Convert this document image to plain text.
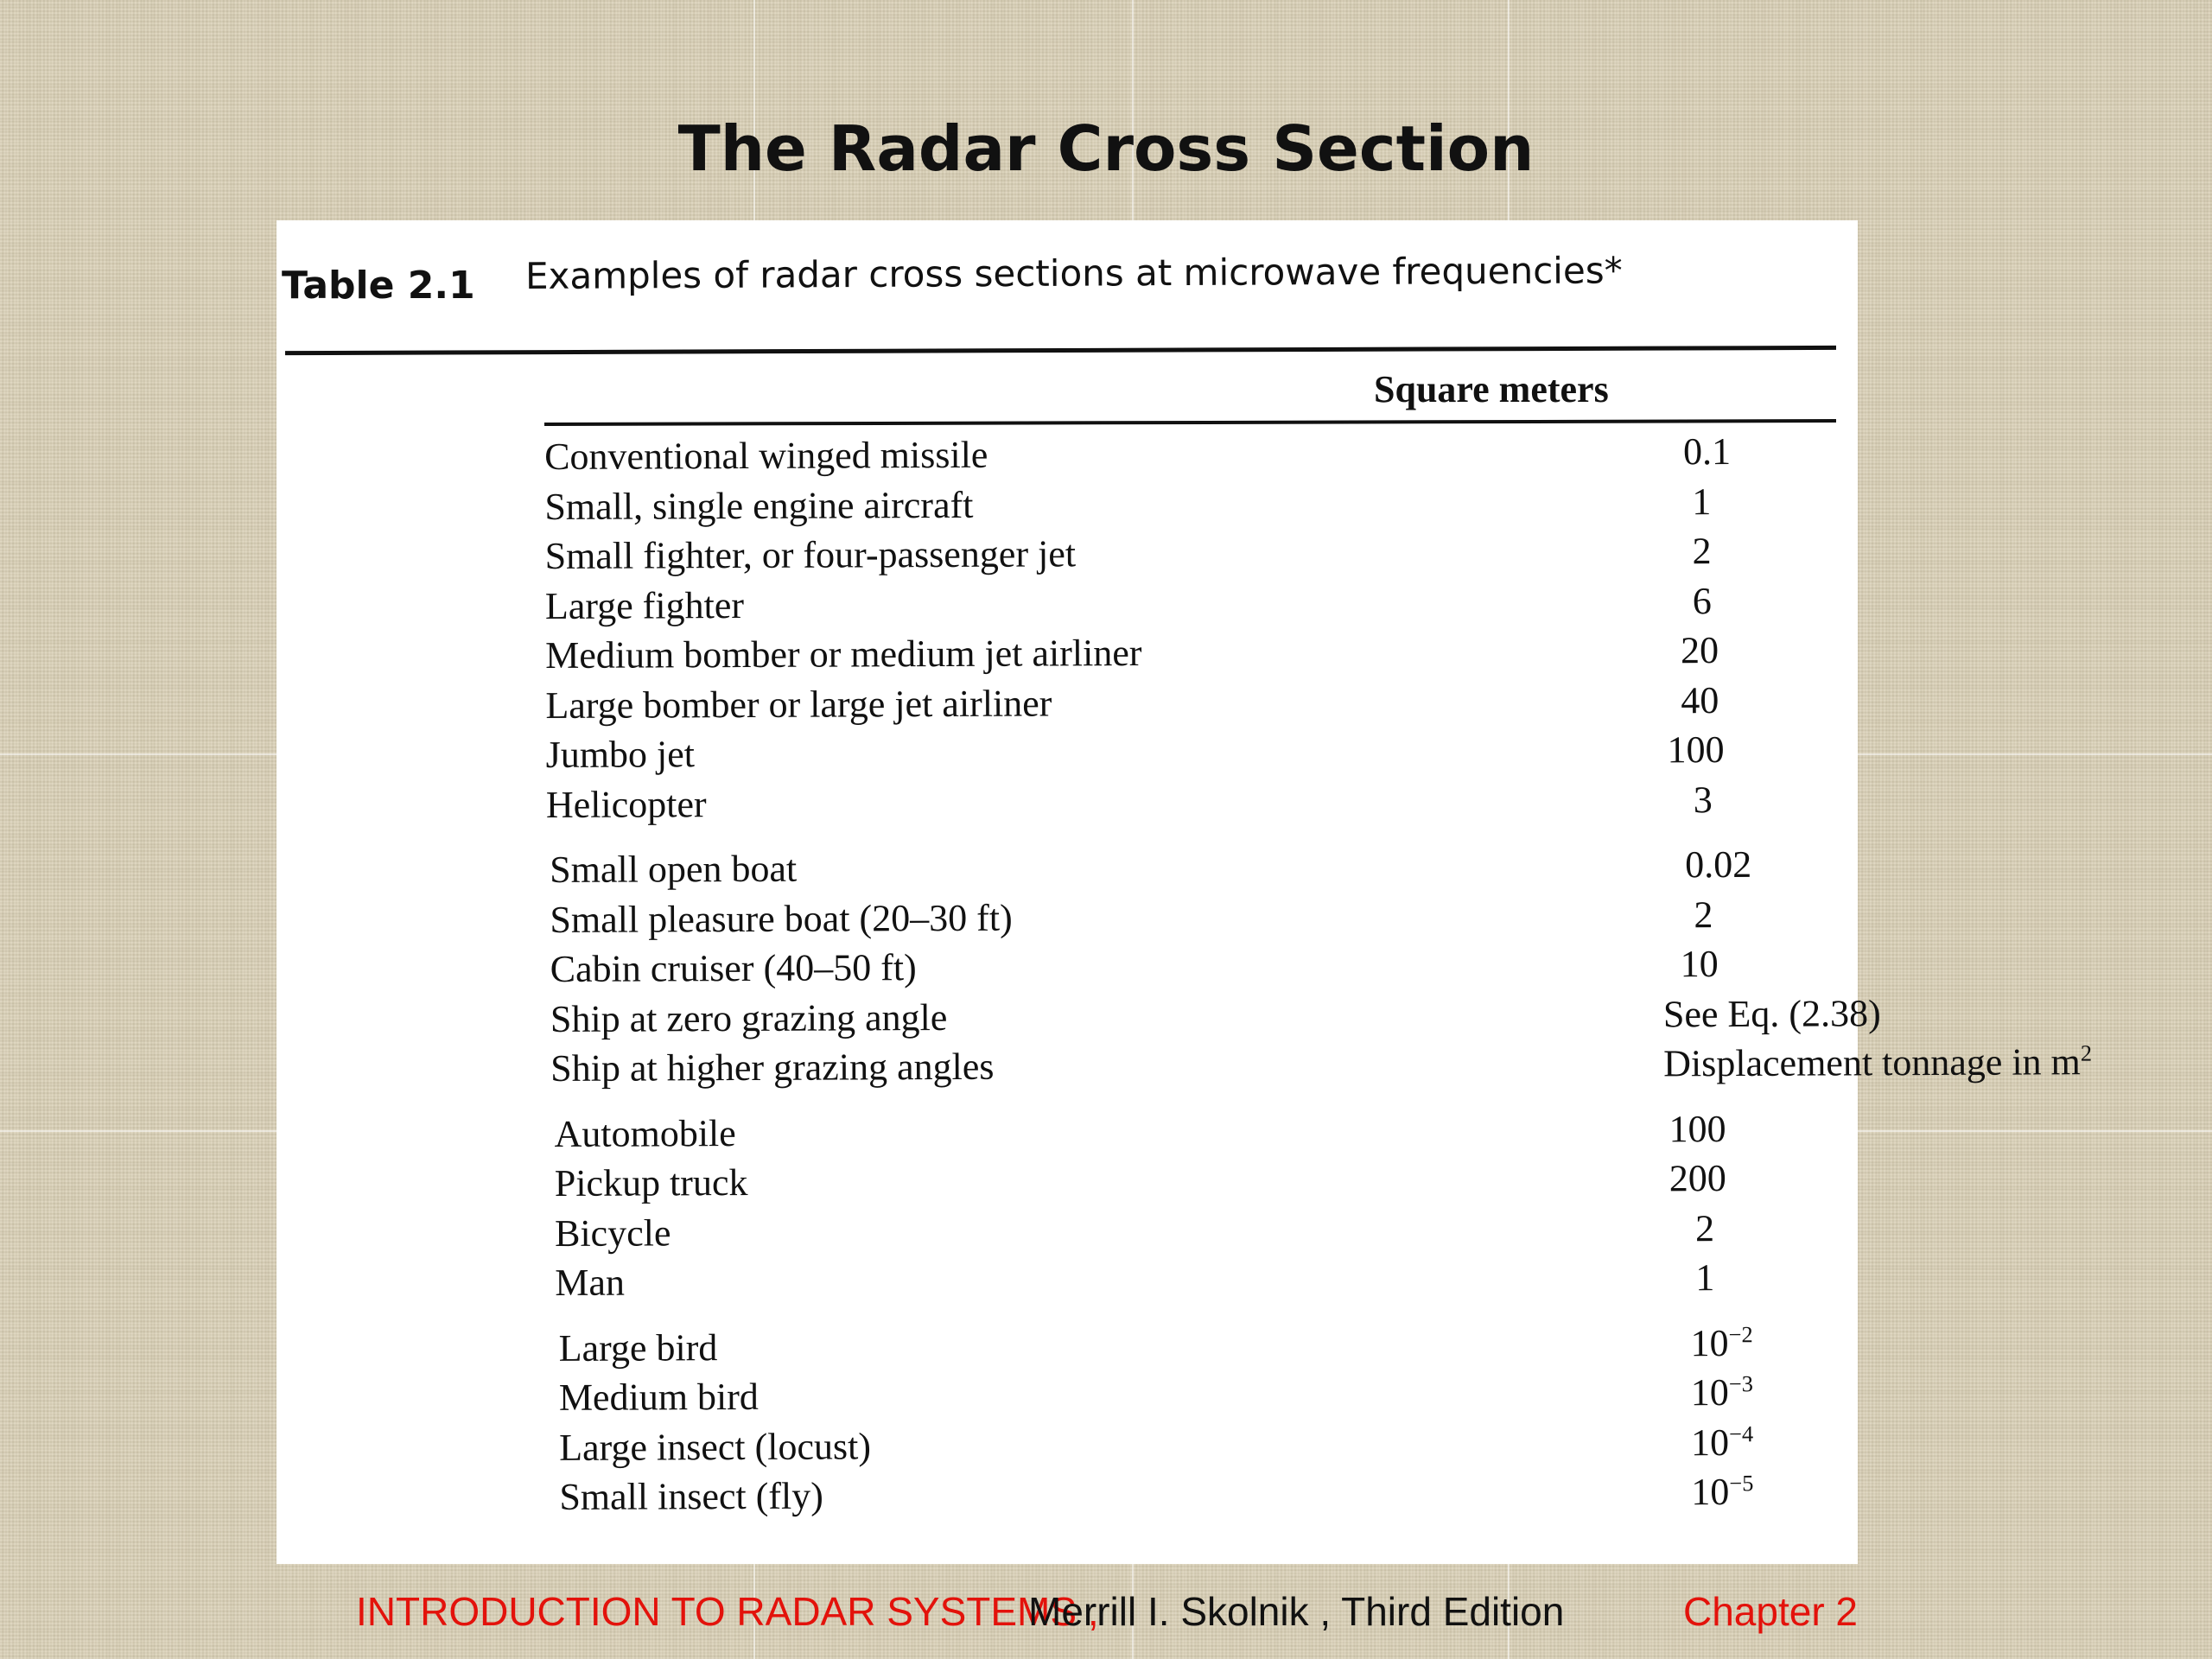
The Radar Cross Section
Table 2.1 Examples of radar cross sections at microwave frequencies*
Square meters
Conventional winged missile	0.1
Small, single engine aircraft	1
Small fighter, or four-passenger jet	2
Large fighter	6
Medium bomber or medium jet airliner	20
Large bomber or large jet airliner	40
Jumbo jet	100
Helicopter	3
Small open boat	0.02
Small pleasure boat (20–30 ft)	2
Cabin cruiser (40–50 ft)	10
Ship at zero grazing angle	See Eq. (2.38)
Ship at higher grazing angles	Displacement tonnage in $m^2$
Automobile	100
Pickup truck	200
Bicycle	2
Man	1
Large bird	$10^{-2}$
Medium bird	$10^{-3}$
Large insect (locust)	$10^{-4}$
Small insect (fly)	$10^{-5}$
INTRODUCTION TO RADAR SYSTEMS ,
Merrill I. Skolnik , Third Edition	Chapter 2
